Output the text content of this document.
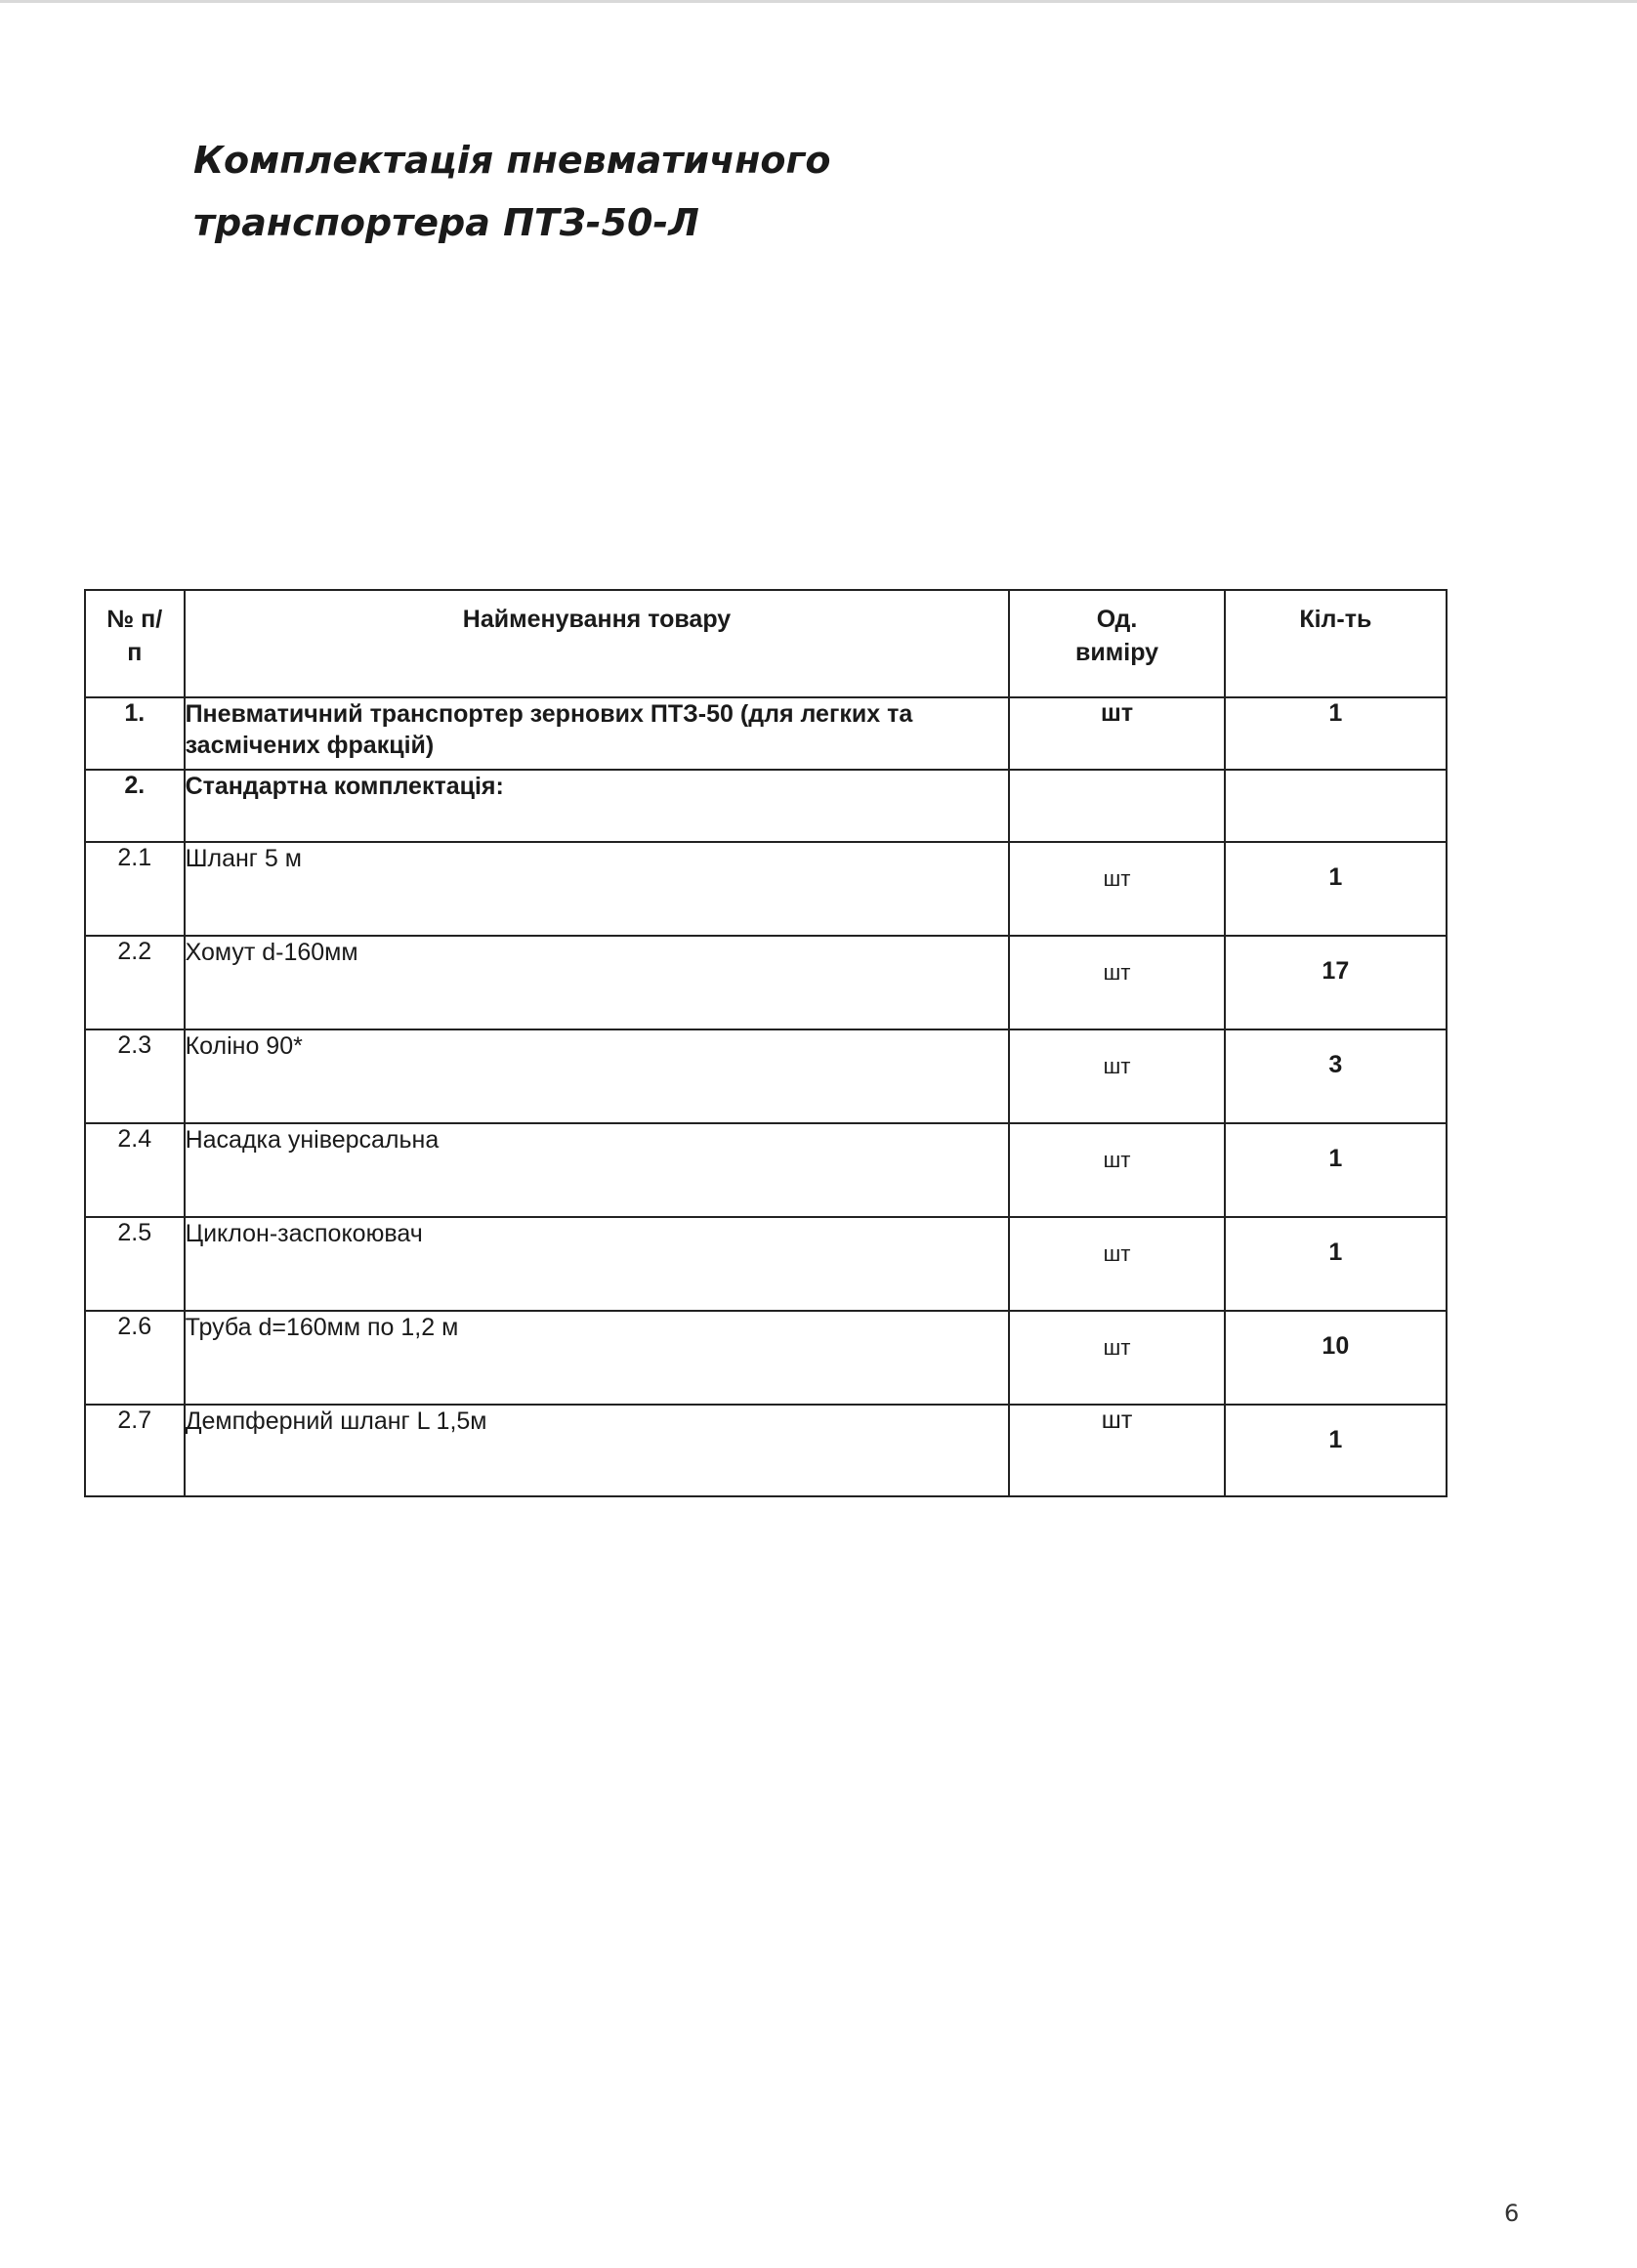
Комплектація пневматичного
транспортера ПТЗ-50-Л
№ п/п	Найменування товару	Од. виміру	Кіл-ть

1.	Пневматичний транспортер зернових ПТЗ-50 (для легких та засмічених фракцій)	шт	1
2.	Стандартна комплектація:		
2.1	Шланг 5 м	шт	1
2.2	Хомут d-160мм	шт	17
2.3	Коліно 90*	шт	3
2.4	Насадка універсальна	шт	1
2.5	Циклон-заспокоювач	шт	1
2.6	Труба d=160мм по 1,2 м	шт	10
2.7	Демпферний шланг L 1,5м	шт	1
6
